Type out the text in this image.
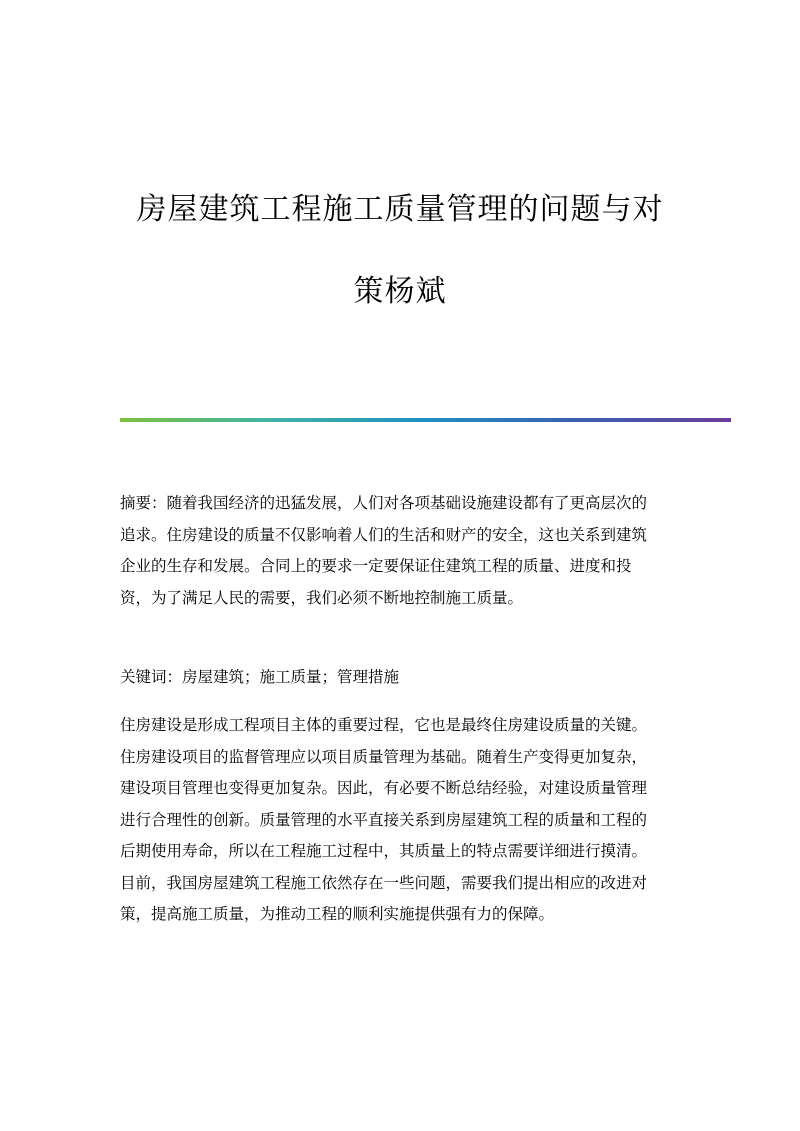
房屋建筑工程施工质量管理的问题与对
策杨斌
摘要：随着我国经济的迅猛发展，人们对各项基础设施建设都有了更高层次的
追求。住房建设的质量不仅影响着人们的生活和财产的安全，这也关系到建筑
企业的生存和发展。合同上的要求一定要保证住建筑工程的质量、进度和投
资，为了满足人民的需要，我们必须不断地控制施工质量。
关键词：房屋建筑；施工质量；管理措施
住房建设是形成工程项目主体的重要过程，它也是最终住房建设质量的关键。
住房建设项目的监督管理应以项目质量管理为基础。随着生产变得更加复杂，
建设项目管理也变得更加复杂。因此，有必要不断总结经验，对建设质量管理
进行合理性的创新。质量管理的水平直接关系到房屋建筑工程的质量和工程的
后期使用寿命，所以在工程施工过程中，其质量上的特点需要详细进行摸清。
目前，我国房屋建筑工程施工依然存在一些问题，需要我们提出相应的改进对
策，提高施工质量，为推动工程的顺利实施提供强有力的保障。
